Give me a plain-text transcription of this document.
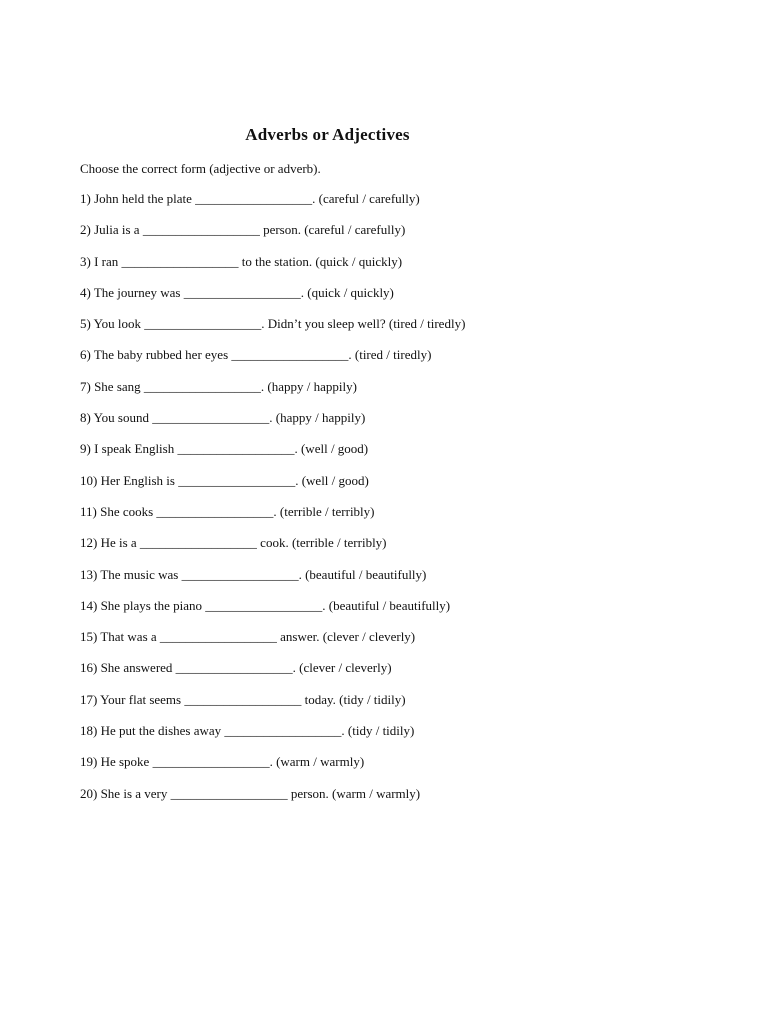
Adverbs or Adjectives

Choose the correct form (adjective or adverb).

1) John held the plate __________________. (careful / carefully)
2) Julia is a __________________ person. (careful / carefully)
3) I ran __________________ to the station. (quick / quickly)
4) The journey was __________________. (quick / quickly)
5) You look __________________. Didn’t you sleep well? (tired / tiredly)
6) The baby rubbed her eyes __________________. (tired / tiredly)
7) She sang __________________. (happy / happily)
8) You sound __________________. (happy / happily)
9) I speak English __________________. (well / good)
10) Her English is __________________. (well / good)
11) She cooks __________________. (terrible / terribly)
12) He is a __________________ cook. (terrible / terribly)
13) The music was __________________. (beautiful / beautifully)
14) She plays the piano __________________. (beautiful / beautifully)
15) That was a __________________ answer. (clever / cleverly)
16) She answered __________________. (clever / cleverly)
17) Your flat seems __________________ today. (tidy / tidily)
18) He put the dishes away __________________. (tidy / tidily)
19) He spoke __________________. (warm / warmly)
20) She is a very __________________ person. (warm / warmly)
